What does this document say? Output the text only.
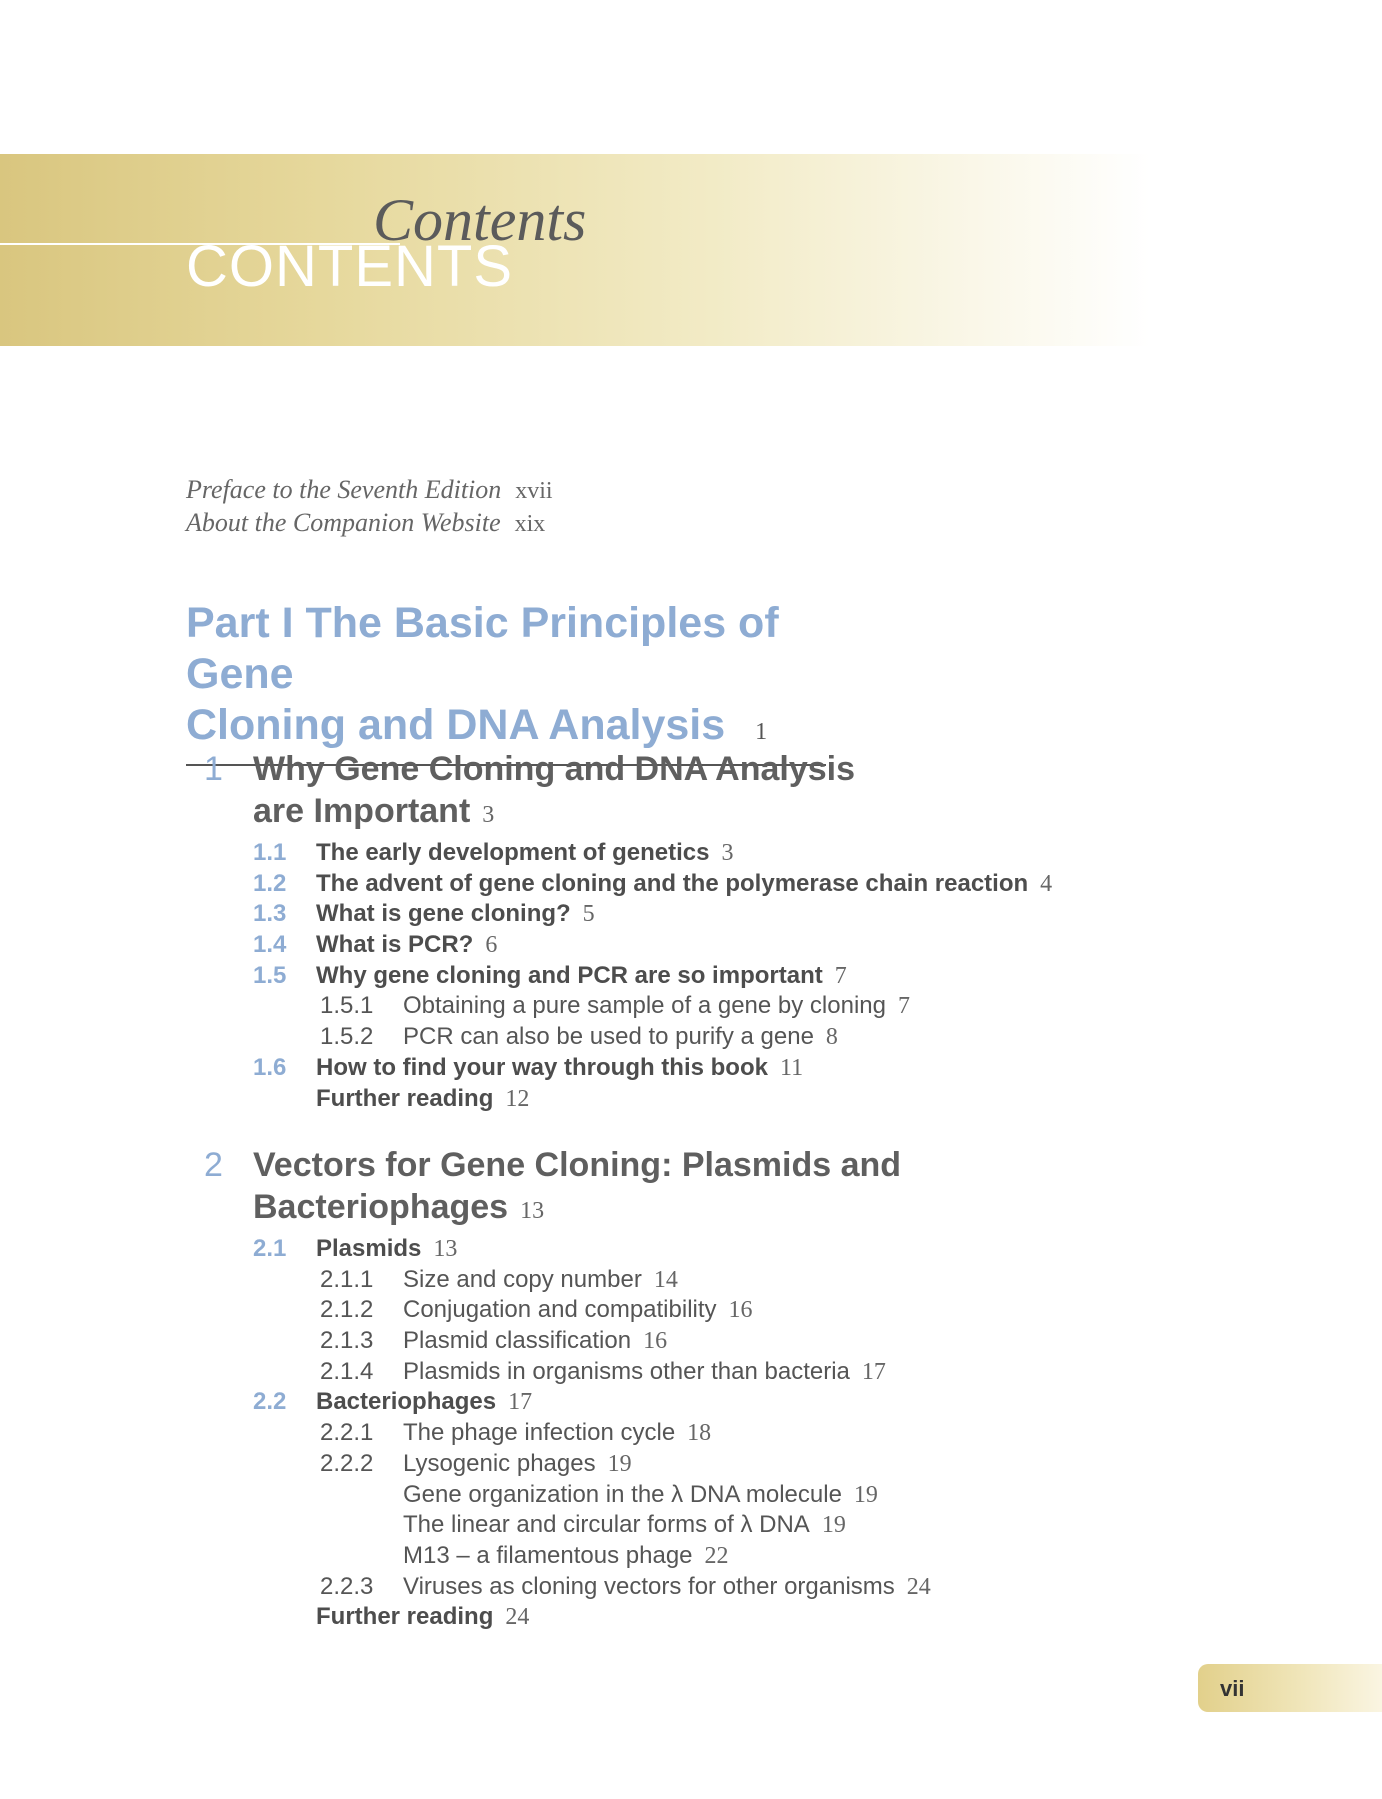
CONTENTS
Contents
Preface to the Seventh Edition xvii
About the Companion Website xix
Part I The Basic Principles of Gene
Cloning and DNA Analysis 1
1 Why Gene Cloning and DNA Analysis
are Important 3
1.1 The early development of genetics 3
1.2 The advent of gene cloning and the polymerase chain reaction 4
1.3 What is gene cloning? 5
1.4 What is PCR? 6
1.5 Why gene cloning and PCR are so important 7
1.5.1 Obtaining a pure sample of a gene by cloning 7
1.5.2 PCR can also be used to purify a gene 8
1.6 How to find your way through this book 11
Further reading 12
2 Vectors for Gene Cloning: Plasmids and
Bacteriophages 13
2.1 Plasmids 13
2.1.1 Size and copy number 14
2.1.2 Conjugation and compatibility 16
2.1.3 Plasmid classification 16
2.1.4 Plasmids in organisms other than bacteria 17
2.2 Bacteriophages 17
2.2.1 The phage infection cycle 18
2.2.2 Lysogenic phages 19
Gene organization in the λ DNA molecule 19
The linear and circular forms of λ DNA 19
M13 – a filamentous phage 22
2.2.3 Viruses as cloning vectors for other organisms 24
Further reading 24
vii
